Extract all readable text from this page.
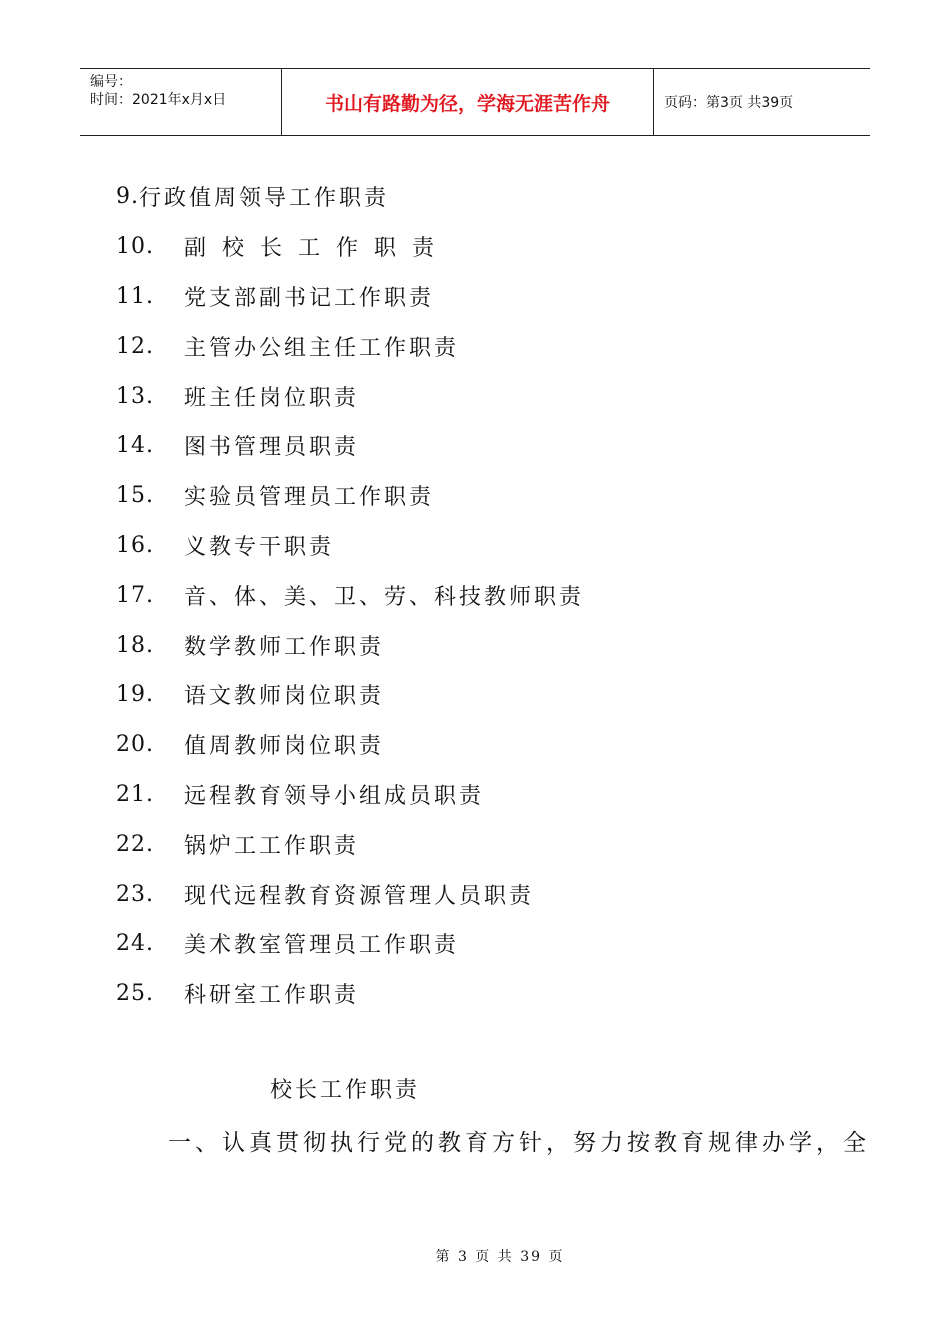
编号：
时间：2021年x月x日	书山有路勤为径，学海无涯苦作舟	页码：第3页 共39页
9. 行政值周领导工作职责
10.	副校长工作职责
11.	党支部副书记工作职责
12.	主管办公组主任工作职责
13.	班主任岗位职责
14.	图书管理员职责
15.	实验员管理员工作职责
16.	义教专干职责
17.	音、体、美、卫、劳、科技教师职责
18.	数学教师工作职责
19.	语文教师岗位职责
20.	值周教师岗位职责
21.	远程教育领导小组成员职责
22.	锅炉工工作职责
23.	现代远程教育资源管理人员职责
24.	美术教室管理员工作职责
25.	科研室工作职责
校长工作职责
一、认真贯彻执行党的教育方针，努力按教育规律办学，全
第 3 页 共 39 页
